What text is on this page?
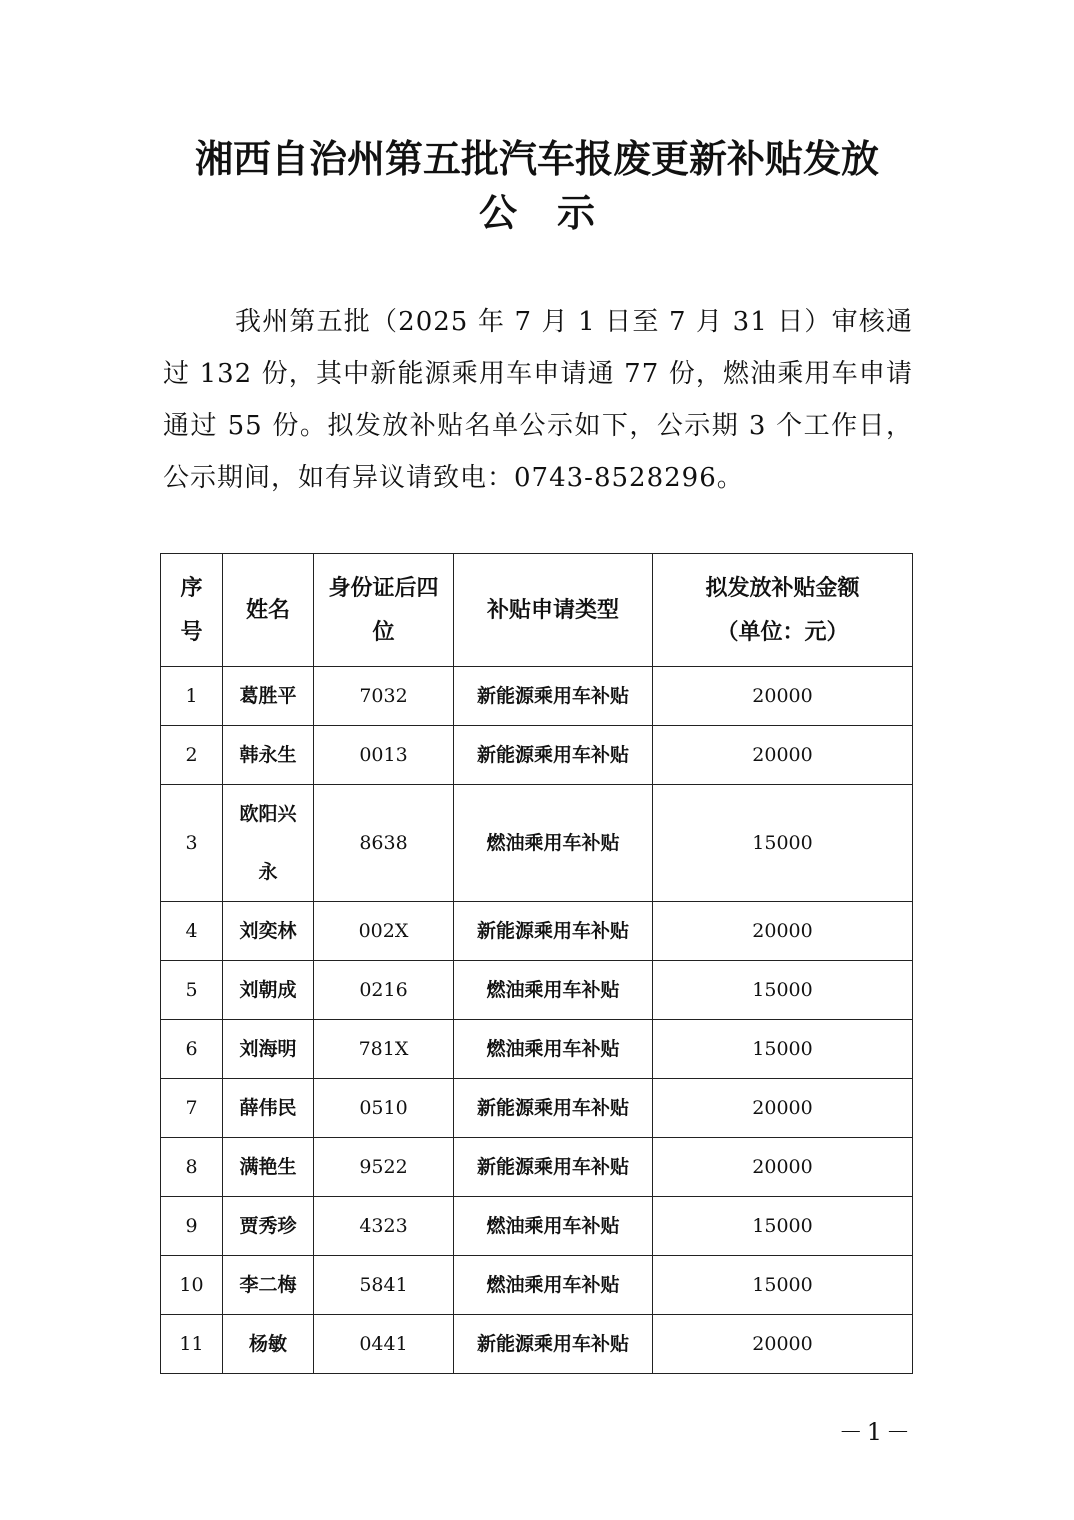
湘西自治州第五批汽车报废更新补贴发放
公示

我州第五批（2025 年 7 月 1 日至 7 月 31 日）审核通过 132 份，其中新能源乘用车申请通 77 份，燃油乘用车申请通过 55 份。拟发放补贴名单公示如下，公示期 3 个工作日，公示期间，如有异议请致电：0743-8528296。

序号	姓名	身份证后四位	补贴申请类型	拟发放补贴金额
（单位：元）

1	葛胜平	7032	新能源乘用车补贴	20000
2	韩永生	0013	新能源乘用车补贴	20000
3	欧阳兴永	8638	燃油乘用车补贴	15000
4	刘奕林	002X	新能源乘用车补贴	20000
5	刘朝成	0216	燃油乘用车补贴	15000
6	刘海明	781X	燃油乘用车补贴	15000
7	薛伟民	0510	新能源乘用车补贴	20000
8	满艳生	9522	新能源乘用车补贴	20000
9	贾秀珍	4323	燃油乘用车补贴	15000
10	李二梅	5841	燃油乘用车补贴	15000
11	杨敏	0441	新能源乘用车补贴	20000
－1－
